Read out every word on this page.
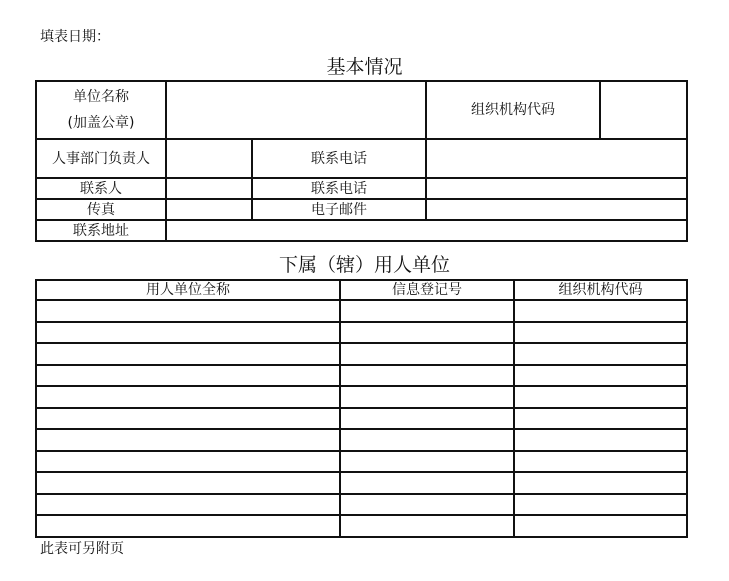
填表日期：
基本情况
单位名称
(加盖公章)			组织机构代码	
人事部门负责人		联系电话		
联系人		联系电话		
传真		电子邮件		
联系地址				
下属（辖）用人单位
用人单位全称	信息登记号	组织机构代码

此表可另附页
